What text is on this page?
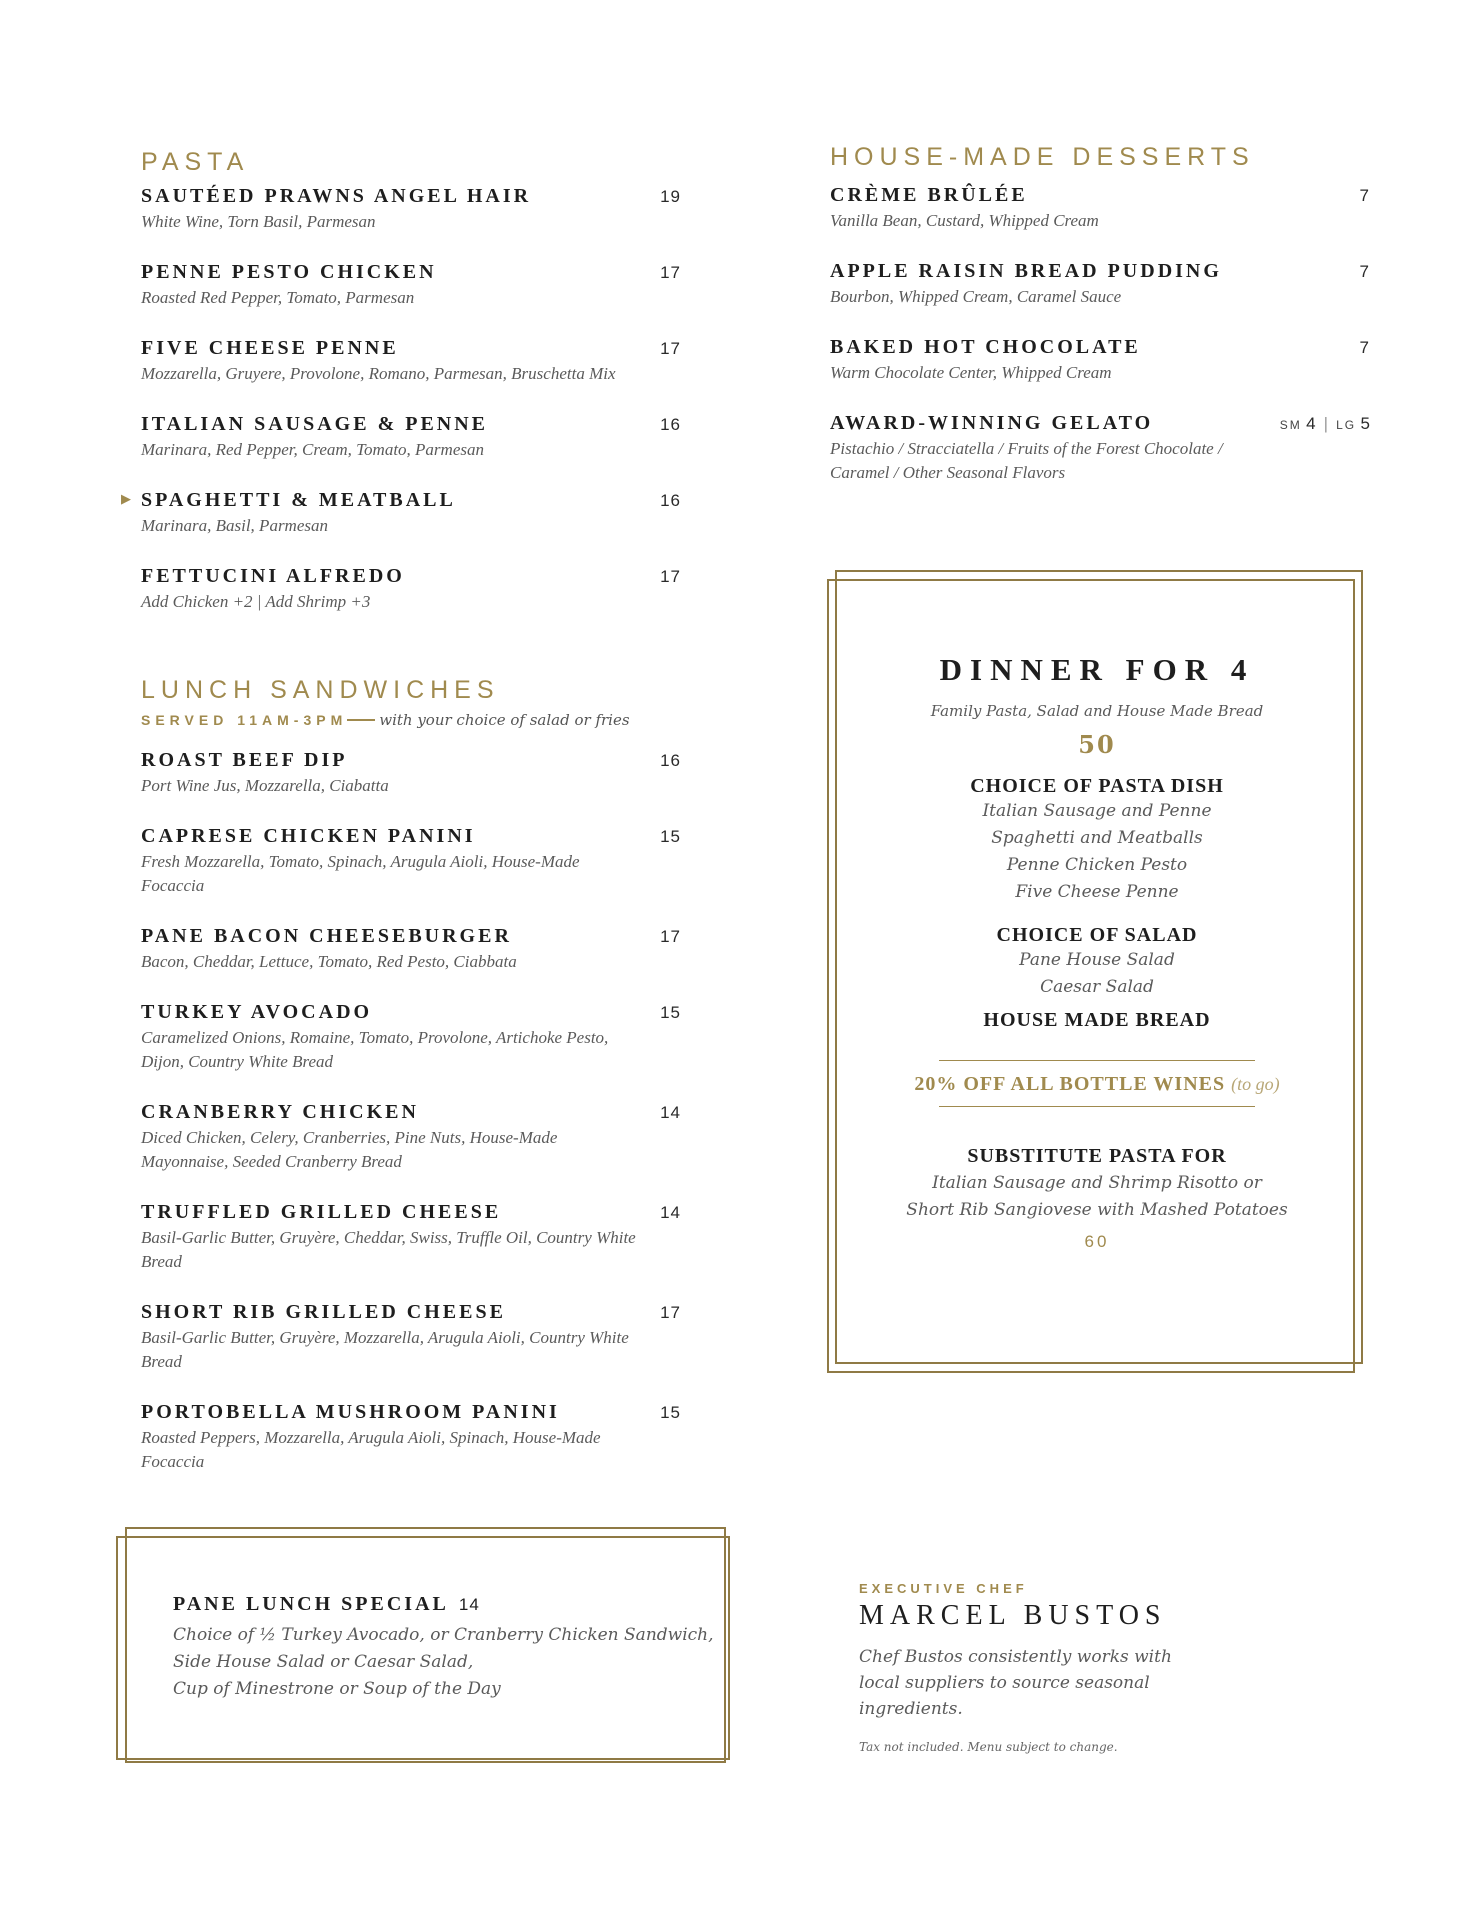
PASTA
SAUTÉED PRAWNS ANGEL HAIR	19
White Wine, Torn Basil, Parmesan
PENNE PESTO CHICKEN	17
Roasted Red Pepper, Tomato, Parmesan
FIVE CHEESE PENNE	17
Mozzarella, Gruyere, Provolone, Romano, Parmesan, Bruschetta Mix
ITALIAN SAUSAGE & PENNE	16
Marinara, Red Pepper, Cream, Tomato, Parmesan
▶ SPAGHETTI & MEATBALL	16
Marinara, Basil, Parmesan
FETTUCINI ALFREDO	17
Add Chicken +2 | Add Shrimp +3
LUNCH SANDWICHES
SERVED 11AM-3PM with your choice of salad or fries
ROAST BEEF DIP	16
Port Wine Jus, Mozzarella, Ciabatta
CAPRESE CHICKEN PANINI	15
Fresh Mozzarella, Tomato, Spinach, Arugula Aioli, House-Made Focaccia
PANE BACON CHEESEBURGER	17
Bacon, Cheddar, Lettuce, Tomato, Red Pesto, Ciabbata
TURKEY AVOCADO	15
Caramelized Onions, Romaine, Tomato, Provolone, Artichoke Pesto, Dijon, Country White Bread
CRANBERRY CHICKEN	14
Diced Chicken, Celery, Cranberries, Pine Nuts, House-Made Mayonnaise, Seeded Cranberry Bread
TRUFFLED GRILLED CHEESE	14
Basil-Garlic Butter, Gruyère, Cheddar, Swiss, Truffle Oil, Country White Bread
SHORT RIB GRILLED CHEESE	17
Basil-Garlic Butter, Gruyère, Mozzarella, Arugula Aioli, Country White Bread
PORTOBELLA MUSHROOM PANINI	15
Roasted Peppers, Mozzarella, Arugula Aioli, Spinach, House-Made Focaccia
HOUSE-MADE DESSERTS
CRÈME BRÛLÉE	7
Vanilla Bean, Custard, Whipped Cream
APPLE RAISIN BREAD PUDDING	7
Bourbon, Whipped Cream, Caramel Sauce
BAKED HOT CHOCOLATE	7
Warm Chocolate Center, Whipped Cream
AWARD-WINNING GELATO	SM 4 | LG 5
Pistachio / Stracciatella / Fruits of the Forest Chocolate / Caramel / Other Seasonal Flavors
DINNER FOR 4
Family Pasta, Salad and House Made Bread
50
CHOICE OF PASTA DISH
Italian Sausage and Penne
Spaghetti and Meatballs
Penne Chicken Pesto
Five Cheese Penne
CHOICE OF SALAD
Pane House Salad
Caesar Salad
HOUSE MADE BREAD
20% OFF ALL BOTTLE WINES (to go)
SUBSTITUTE PASTA FOR
Italian Sausage and Shrimp Risotto or
Short Rib Sangiovese with Mashed Potatoes
60
PANE LUNCH SPECIAL 14
Choice of ½ Turkey Avocado, or Cranberry Chicken Sandwich,
Side House Salad or Caesar Salad,
Cup of Minestrone or Soup of the Day
EXECUTIVE CHEF
MARCEL BUSTOS
Chef Bustos consistently works with local suppliers to source seasonal ingredients.
Tax not included. Menu subject to change.
